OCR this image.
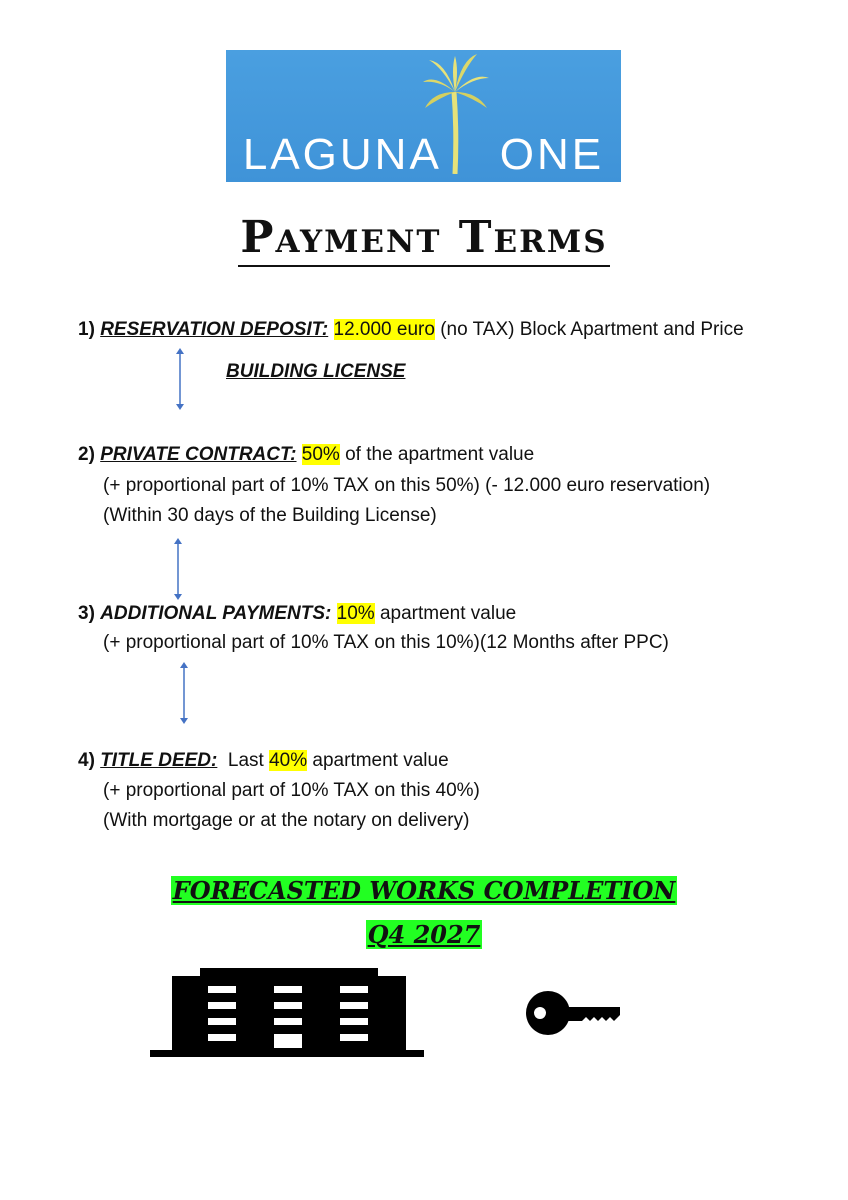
LAGUNA ONE
Payment Terms
1) RESERVATION DEPOSIT: 12.000 euro (no TAX) Block Apartment and Price
BUILDING LICENSE
2) PRIVATE CONTRACT: 50% of the apartment value
(+ proportional part of 10% TAX on this 50%) (- 12.000 euro reservation)
(Within 30 days of the Building License)
3) ADDITIONAL PAYMENTS: 10% apartment value
(+ proportional part of 10% TAX on this 10%)(12 Months after PPC)
4) TITLE DEED:  Last 40% apartment value
(+ proportional part of 10% TAX on this 40%)
(With mortgage or at the notary on delivery)
FORECASTED WORKS COMPLETION
Q4 2027
